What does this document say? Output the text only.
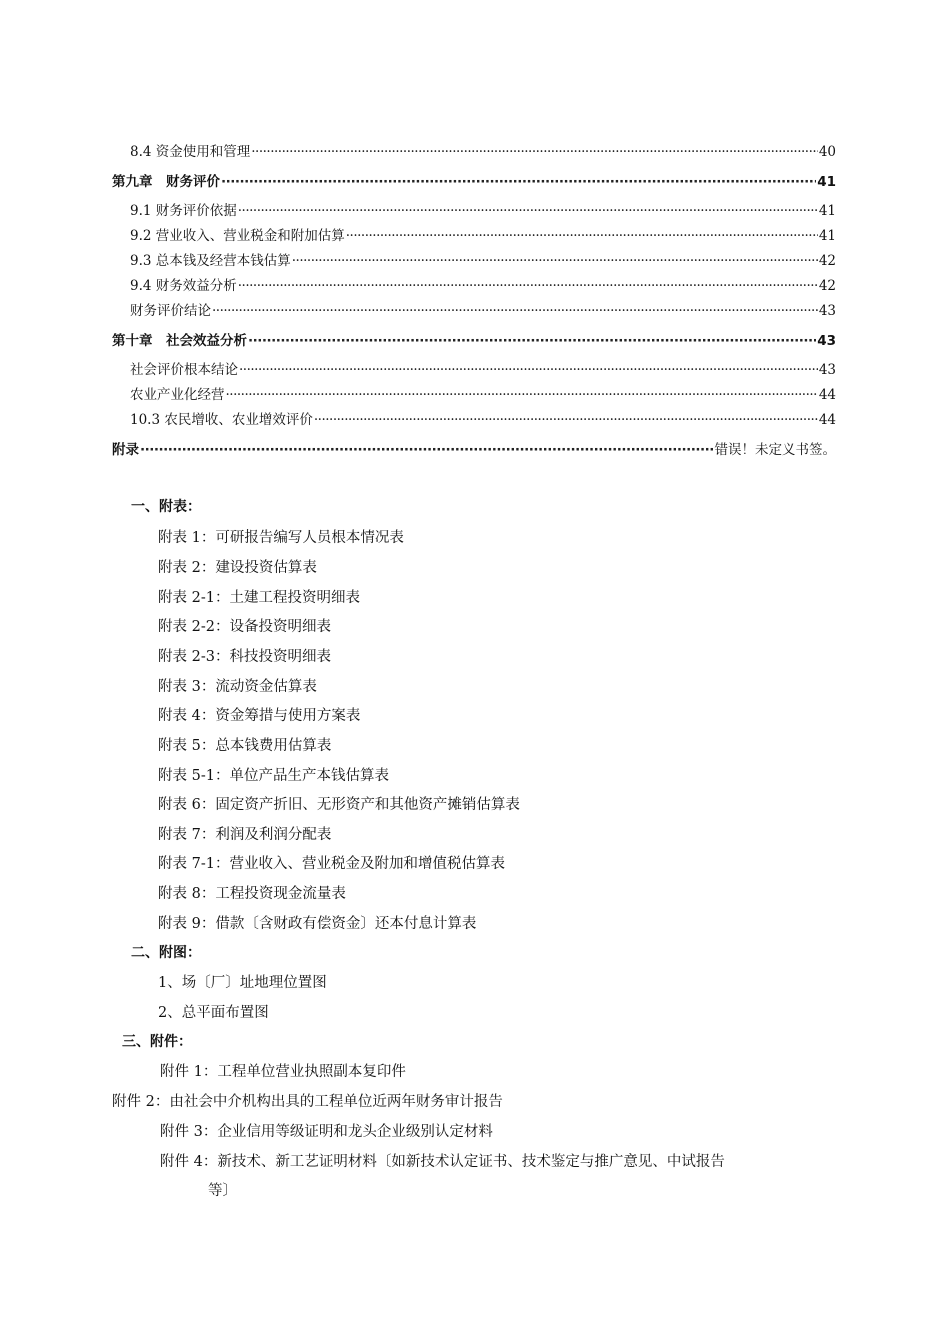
8.4 资金使用和管理 ·····	40
第九章　财务评价 ·····	41
9.1 财务评价依据 ·····	41
9.2 营业收入、营业税金和附加估算 ·····	41
9.3 总本钱及经营本钱估算 ·····	42
9.4 财务效益分析 ·····	42
财务评价结论 ·····	43
第十章　社会效益分析 ·····	43
社会评价根本结论 ·····	43
农业产业化经营 ·····	44
10.3 农民增收、农业增效评价 ·····	44
附录 ·····	错误！未定义书签。
一、附表：
附表 1：可研报告编写人员根本情况表
附表 2：建设投资估算表
附表 2-1：土建工程投资明细表
附表 2-2：设备投资明细表
附表 2-3：科技投资明细表
附表 3：流动资金估算表
附表 4：资金筹措与使用方案表
附表 5：总本钱费用估算表
附表 5-1：单位产品生产本钱估算表
附表 6：固定资产折旧、无形资产和其他资产摊销估算表
附表 7：利润及利润分配表
附表 7-1：营业收入、营业税金及附加和增值税估算表
附表 8：工程投资现金流量表
附表 9：借款〔含财政有偿资金〕还本付息计算表
二、附图：
1、场〔厂〕址地理位置图
2、总平面布置图
三、附件：
附件 1：工程单位营业执照副本复印件
附件 2：由社会中介机构出具的工程单位近两年财务审计报告
附件 3：企业信用等级证明和龙头企业级别认定材料
附件 4：新技术、新工艺证明材料〔如新技术认定证书、技术鉴定与推广意见、中试报告
等〕
